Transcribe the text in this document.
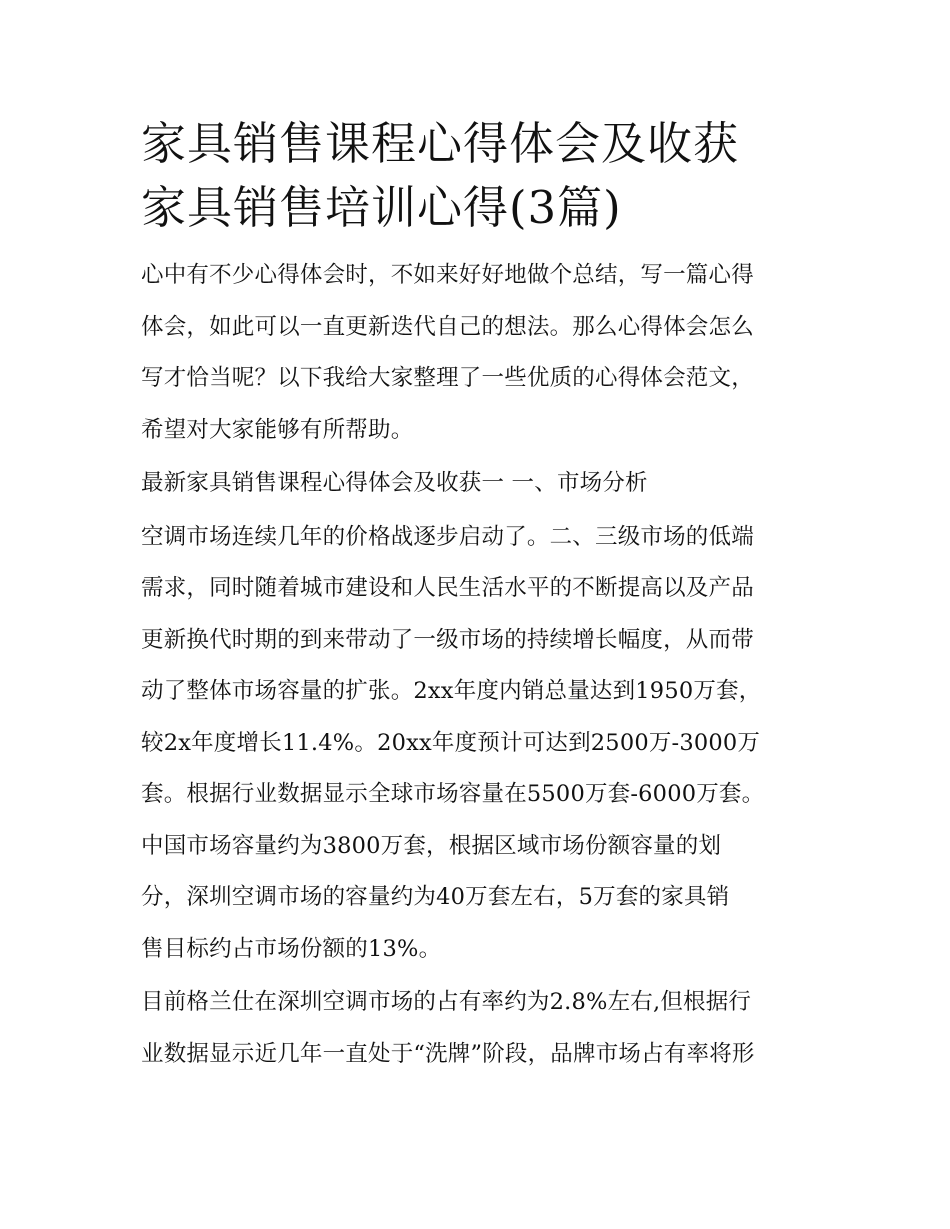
家具销售课程心得体会及收获
家具销售培训心得(3篇)

心中有不少心得体会时，不如来好好地做个总结，写一篇心得
体会，如此可以一直更新迭代自己的想法。那么心得体会怎么
写才恰当呢？以下我给大家整理了一些优质的心得体会范文，
希望对大家能够有所帮助。

最新家具销售课程心得体会及收获一 一、市场分析

空调市场连续几年的价格战逐步启动了。二、三级市场的低端
需求，同时随着城市建设和人民生活水平的不断提高以及产品
更新换代时期的到来带动了一级市场的持续增长幅度，从而带
动了整体市场容量的扩张。2xx年度内销总量达到1950万套，
较2x年度增长11.4%。20xx年度预计可达到2500万-3000万
套。根据行业数据显示全球市场容量在5500万套-6000万套。
中国市场容量约为3800万套，根据区域市场份额容量的划
分，深圳空调市场的容量约为40万套左右，5万套的家具销
售目标约占市场份额的13%。

目前格兰仕在深圳空调市场的占有率约为2.8%左右,但根据行
业数据显示近几年一直处于“洗牌”阶段，品牌市场占有率将形
